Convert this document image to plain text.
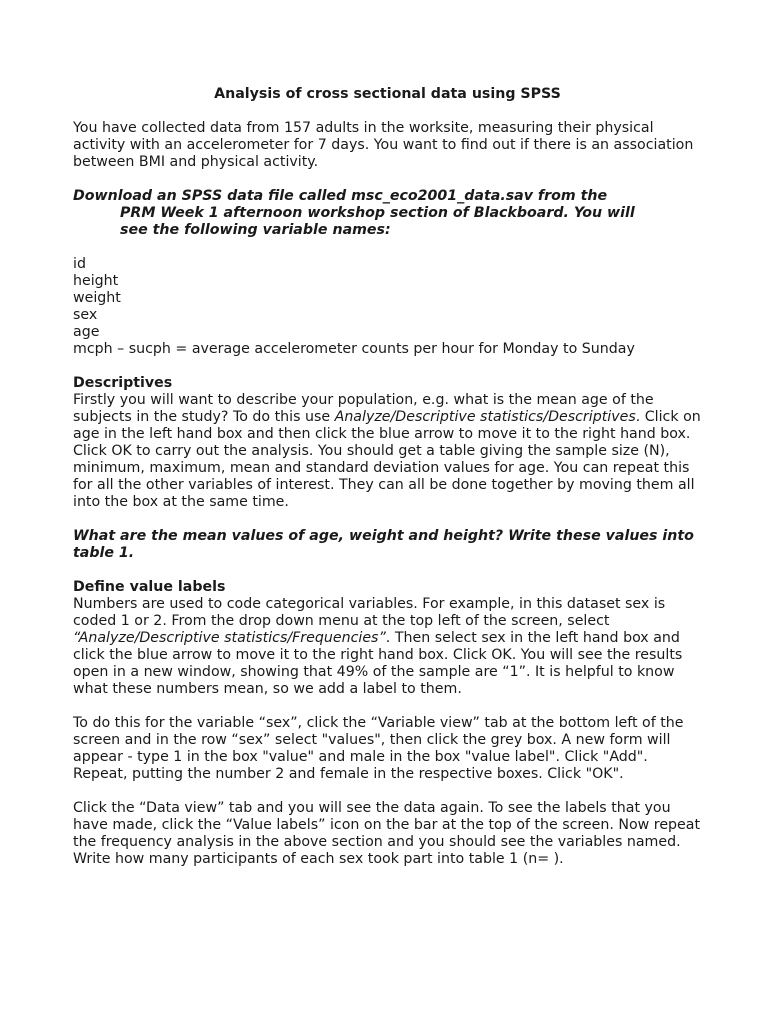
Analysis of cross sectional data using SPSS

You have collected data from 157 adults in the worksite, measuring their physical activity with an accelerometer for 7 days. You want to find out if there is an association between BMI and physical activity.

Download an SPSS data file called msc_eco2001_data.sav from the
PRM Week 1 afternoon workshop section of Blackboard. You will
see the following variable names:

id
height
weight
sex
age
mcph – sucph = average accelerometer counts per hour for Monday to Sunday

Descriptives

Firstly you will want to describe your population, e.g. what is the mean age of the subjects in the study? To do this use Analyze/Descriptive statistics/Descriptives. Click on age in the left hand box and then click the blue arrow to move it to the right hand box. Click OK to carry out the analysis. You should get a table giving the sample size (N), minimum, maximum, mean and standard deviation values for age. You can repeat this for all the other variables of interest. They can all be done together by moving them all into the box at the same time.

What are the mean values of age, weight and height? Write these values into table 1.

Define value labels

Numbers are used to code categorical variables. For example, in this dataset sex is coded 1 or 2. From the drop down menu at the top left of the screen, select “Analyze/Descriptive statistics/Frequencies”. Then select sex in the left hand box and click the blue arrow to move it to the right hand box. Click OK. You will see the results open in a new window, showing that 49% of the sample are “1”. It is helpful to know what these numbers mean, so we add a label to them.

To do this for the variable “sex”, click the “Variable view” tab at the bottom left of the screen and in the row “sex” select "values", then click the grey box. A new form will appear - type 1 in the box "value" and male in the box "value label". Click "Add". Repeat, putting the number 2 and female in the respective boxes. Click "OK".

Click the “Data view” tab and you will see the data again. To see the labels that you have made, click the “Value labels” icon on the bar at the top of the screen. Now repeat the frequency analysis in the above section and you should see the variables named. Write how many participants of each sex took part into table 1 (n= ).
